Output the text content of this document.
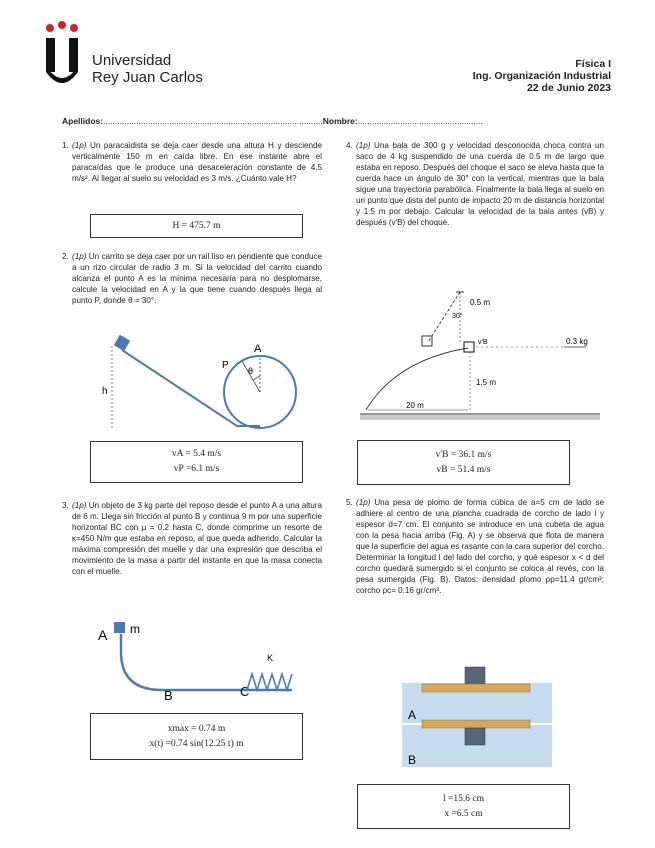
Universidad
Rey Juan Carlos
Física I
Ing. Organización Industrial
22 de Junio 2023
Apellidos:.............................................................................................Nombre:.....................................................
1. (1p) Un paracaidista se deja caer desde una altura H y desciende verticalmente 150 m en caída libre. En ese instante abre el paracaídas que le produce una desaceleración constante de 4.5 m/s². Al llegar al suelo su velocidad es 3 m/s. ¿Cuánto vale H?
H = 475.7 m
2. (1p) Un carrito se deja caer por un rail liso en pendiente que conduce a un rizo circular de radio 3 m. Si la velocidad del carrito cuando alcanza el punto A es la mínima necesaria para no desplomarse, calcule la velocidad en A y la que tiene cuando después llega al punto P, donde θ = 30°.
h
A
P θ
vA = 5.4 m/s
vP =6.1 m/s
3. (1p) Un objeto de 3 kg parte del reposo desde el punto A a una altura de 6 m. Llega sin fricción al punto B y continua 9 m por una superficie horizontal BC con μ = 0.2 hasta C, donde comprime un resorte de κ=450 N/m que estaba en reposo, al que queda adherido. Calcular la máxima compresión del muelle y dar una expresión que describa el movimiento de la masa a partir del instante en que la masa conecta con el muelle.
A m
B	C
K
xmax = 0.74 m
x(t) =0.74 sin(12.25 t) m
4. (1p) Una bala de 300 g y velocidad desconocida choca contra un saco de 4 kg suspendido de una cuerda de 0.5 m de largo que estaba en reposo. Después del choque el saco se eleva hasta que la cuerda hace un ángulo de 30° con la vertical, mientras que la bala sigue una trayectoria parabólica. Finalmente la bala llega al suelo en un punto que dista del punto de impacto 20 m de distancia horizontal y 1.5 m por debajo. Calcular la velocidad de la bala antes (vB) y después (v'B) del choque.
0.5 m
30°
v'B	0.3 kg
1.5 m
20 m
v'B = 36.1 m/s
vB = 51.4 m/s
5. (1p) Una pesa de plomo de forma cúbica de a=5 cm de lado se adhiere al centro de una plancha cuadrada de corcho de lado l y espesor d=7 cm. El conjunto se introduce en una cubeta de agua con la pesa hacia arriba (Fig. A) y se observa que flota de manera que la superficie del agua es rasante con la cara superior del corcho. Determinar la longitud l del lado del corcho, y qué espesor x < d del corcho quedará sumergido si el conjunto se coloca al revés, con la pesa sumergida (Fig. B). Datos: densidad plomo ρp=11.4 gr/cm³; corcho ρc= 0.16 gr/cm³.
A
B
l =15.6 cm
x =6.5 cm
